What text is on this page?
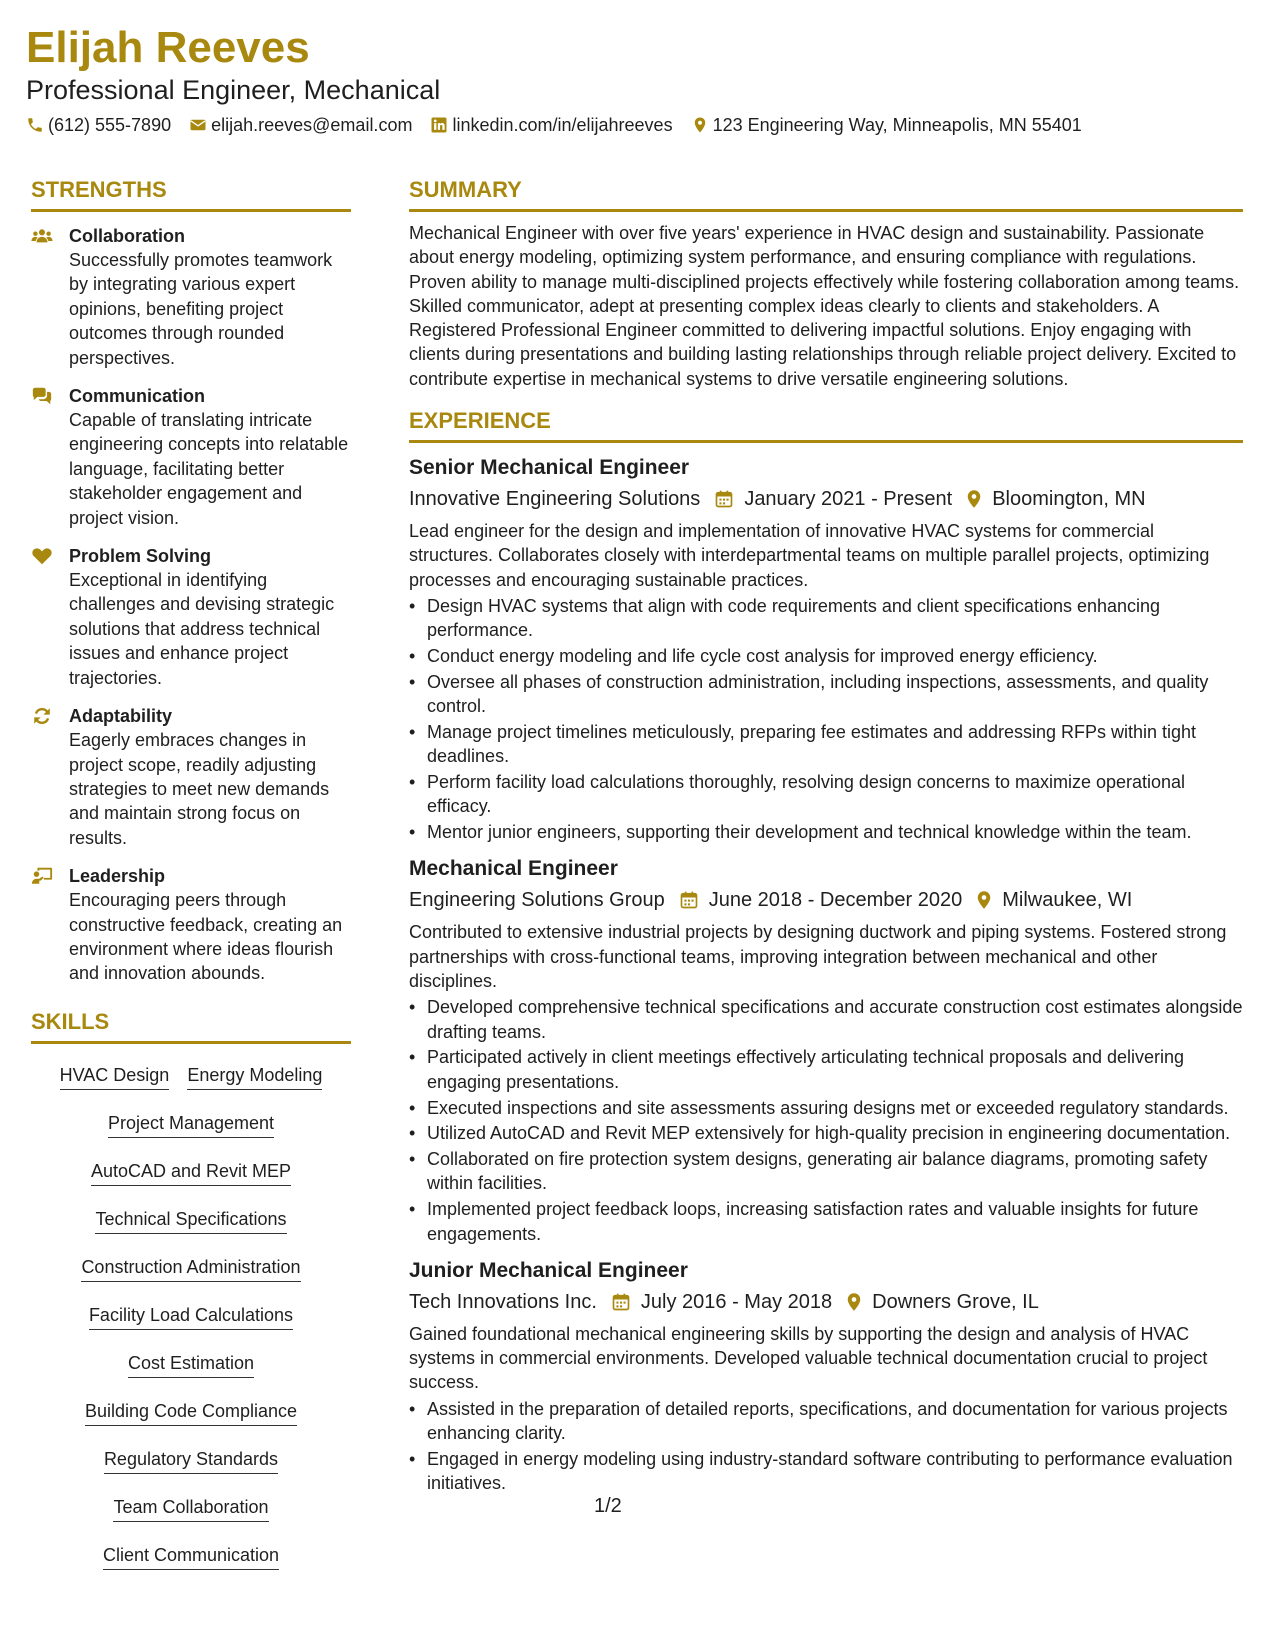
Elijah Reeves
Professional Engineer, Mechanical
(612) 555-7890 elijah.reeves@email.com linkedin.com/in/elijahreeves 123 Engineering Way, Minneapolis, MN 55401
STRENGTHS
Collaboration
Successfully promotes teamwork by integrating various expert opinions, benefiting project outcomes through rounded perspectives.
Communication
Capable of translating intricate engineering concepts into relatable language, facilitating better stakeholder engagement and project vision.
Problem Solving
Exceptional in identifying challenges and devising strategic solutions that address technical issues and enhance project trajectories.
Adaptability
Eagerly embraces changes in project scope, readily adjusting strategies to meet new demands and maintain strong focus on results.
Leadership
Encouraging peers through constructive feedback, creating an environment where ideas flourish and innovation abounds.
SKILLS
HVAC Design Energy Modeling
Project Management
AutoCAD and Revit MEP
Technical Specifications
Construction Administration
Facility Load Calculations
Cost Estimation
Building Code Compliance
Regulatory Standards
Team Collaboration
Client Communication
SUMMARY

Mechanical Engineer with over five years' experience in HVAC design and sustainability. Passionate about energy modeling, optimizing system performance, and ensuring compliance with regulations. Proven ability to manage multi-disciplined projects effectively while fostering collaboration among teams. Skilled communicator, adept at presenting complex ideas clearly to clients and stakeholders. A Registered Professional Engineer committed to delivering impactful solutions. Enjoy engaging with clients during presentations and building lasting relationships through reliable project delivery. Excited to contribute expertise in mechanical systems to drive versatile engineering solutions.

EXPERIENCE
Senior Mechanical Engineer
Innovative Engineering Solutions January 2021 - Present Bloomington, MN
Lead engineer for the design and implementation of innovative HVAC systems for commercial structures. Collaborates closely with interdepartmental teams on multiple parallel projects, optimizing processes and encouraging sustainable practices.
• Design HVAC systems that align with code requirements and client specifications enhancing performance.
• Conduct energy modeling and life cycle cost analysis for improved energy efficiency.
• Oversee all phases of construction administration, including inspections, assessments, and quality control.
• Manage project timelines meticulously, preparing fee estimates and addressing RFPs within tight deadlines.
• Perform facility load calculations thoroughly, resolving design concerns to maximize operational efficacy.
• Mentor junior engineers, supporting their development and technical knowledge within the team.
Mechanical Engineer
Engineering Solutions Group June 2018 - December 2020 Milwaukee, WI
Contributed to extensive industrial projects by designing ductwork and piping systems. Fostered strong partnerships with cross-functional teams, improving integration between mechanical and other disciplines.
• Developed comprehensive technical specifications and accurate construction cost estimates alongside drafting teams.
• Participated actively in client meetings effectively articulating technical proposals and delivering engaging presentations.
• Executed inspections and site assessments assuring designs met or exceeded regulatory standards.
• Utilized AutoCAD and Revit MEP extensively for high-quality precision in engineering documentation.
• Collaborated on fire protection system designs, generating air balance diagrams, promoting safety within facilities.
• Implemented project feedback loops, increasing satisfaction rates and valuable insights for future engagements.
Junior Mechanical Engineer
Tech Innovations Inc. July 2016 - May 2018 Downers Grove, IL
Gained foundational mechanical engineering skills by supporting the design and analysis of HVAC systems in commercial environments. Developed valuable technical documentation crucial to project success.
• Assisted in the preparation of detailed reports, specifications, and documentation for various projects enhancing clarity.
• Engaged in energy modeling using industry-standard software contributing to performance evaluation initiatives.
1/2
